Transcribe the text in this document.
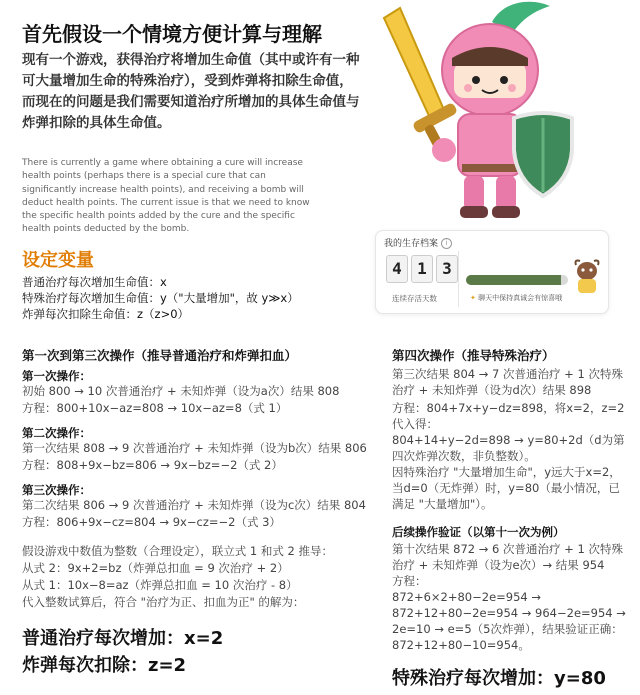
首先假设一个情境方便计算与理解
现有一个游戏，获得治疗将增加生命值（其中或许有一种可大量增加生命的特殊治疗），受到炸弹将扣除生命值，而现在的问题是我们需要知道治疗所增加的具体生命值与炸弹扣除的具体生命值。
There is currently a game where obtaining a cure will increase health points (perhaps there is a special cure that can significantly increase health points), and receiving a bomb will deduct health points. The current issue is that we need to know the specific health points added by the cure and the specific health points deducted by the bomb.
设定变量
普通治疗每次增加生命值：x
特殊治疗每次增加生命值：y（"大量增加"，故 y≫x）
炸弹每次扣除生命值：z（z>0）
我的生存档案 i
4 1 3
连续存活天数
932/100
✦ 聊天中保持真诚会有惊喜哦
第一次到第三次操作（推导普通治疗和炸弹扣血）
第一次操作：
初始 800 → 10 次普通治疗 + 未知炸弹（设为a次）结果 808
方程：800+10x−az=808 → 10x−az=8（式 1）
第二次操作：
第一次结果 808 → 9 次普通治疗 + 未知炸弹（设为b次）结果 806
方程：808+9x−bz=806 → 9x−bz=−2（式 2）
第三次操作：
第二次结果 806 → 9 次普通治疗 + 未知炸弹（设为c次）结果 804
方程：806+9x−cz=804 → 9x−cz=−2（式 3）
假设游戏中数值为整数（合理设定），联立式 1 和式 2 推导：
从式 2：9x+2=bz（炸弹总扣血 = 9 次治疗 + 2）
从式 1：10x−8=az（炸弹总扣血 = 10 次治疗 - 8）
代入整数试算后，符合 "治疗为正、扣血为正" 的解为：
普通治疗每次增加：x=2
炸弹每次扣除：z=2
第四次操作（推导特殊治疗）
第三次结果 804 → 7 次普通治疗 + 1 次特殊治疗 + 未知炸弹（设为d次）结果 898
方程：804+7x+y−dz=898，将x=2，z=2代入得：
804+14+y−2d=898 → y=80+2d（d为第四次炸弹次数，非负整数）。
因特殊治疗 "大量增加生命"，y远大于x=2，当d=0（无炸弹）时，y=80（最小情况，已满足 "大量增加"）。
后续操作验证（以第十一次为例）
第十次结果 872 → 6 次普通治疗 + 1 次特殊治疗 + 未知炸弹（设为e次）→ 结果 954
方程：
872+6×2+80−2e=954 → 872+12+80−2e=954 → 964−2e=954 → 2e=10 → e=5（5次炸弹），结果验证正确：872+12+80−10=954。
特殊治疗每次增加：y=80
